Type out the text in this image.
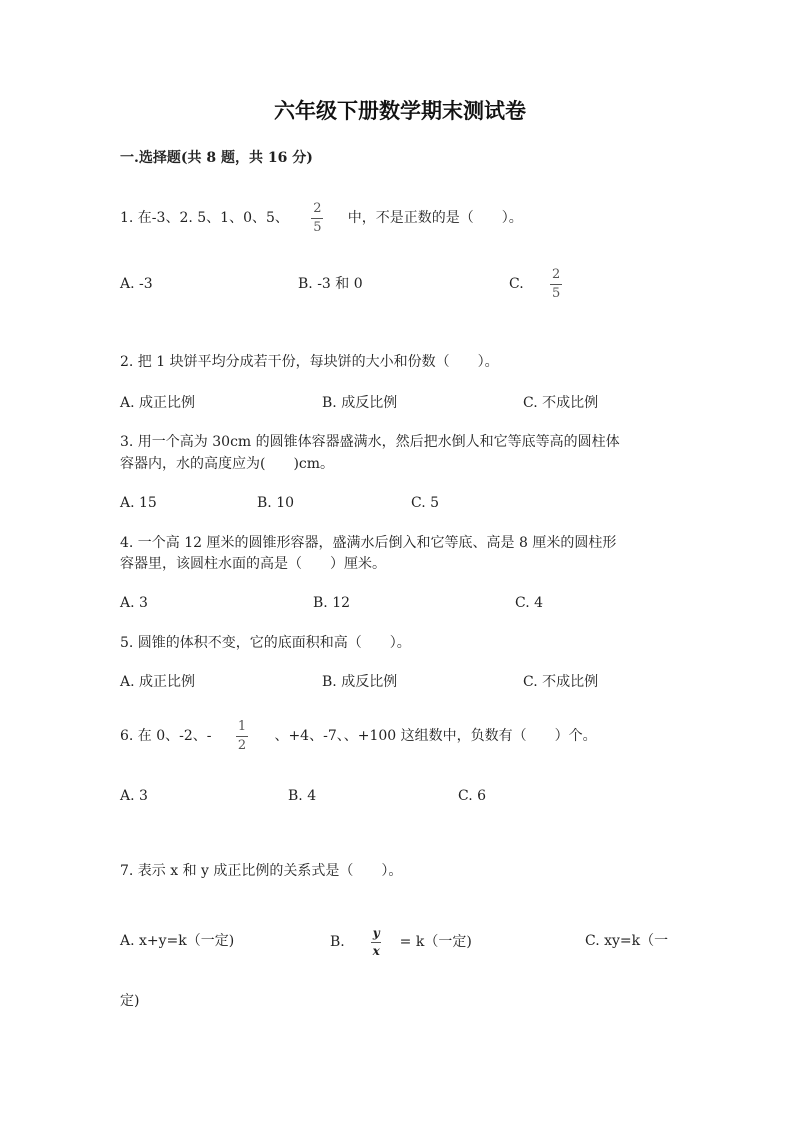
六年级下册数学期末测试卷
一.选择题(共 8 题，共 16 分)
1. 在-3、2. 5、1、0、5、 $\frac{2}{5}$ 中，不是正数的是（　　）。
A. -3	B. -3 和 0	C. $\frac{2}{5}$
2. 把 1 块饼平均分成若干份，每块饼的大小和份数（　　）。
A. 成正比例	B. 成反比例	C. 不成比例
3. 用一个高为 30cm 的圆锥体容器盛满水，然后把水倒人和它等底等高的圆柱体
容器内，水的高度应为(　　)cm。
A. 15	B. 10	C. 5
4. 一个高 12 厘米的圆锥形容器，盛满水后倒入和它等底、高是 8 厘米的圆柱形
容器里，该圆柱水面的高是（　　）厘米。
A. 3	B. 12	C. 4
5. 圆锥的体积不变，它的底面积和高（　　）。
A. 成正比例	B. 成反比例	C. 不成比例
6. 在 0、-2、- $\frac{1}{2}$ 、+4、-7、、+100 这组数中，负数有（　　）个。
A. 3	B. 4	C. 6
7. 表示 x 和 y 成正比例的关系式是（　　）。
A. x+y=k（一定)	B. $\frac{y}{x} = k$（一定)	C. xy=k（一
定)
